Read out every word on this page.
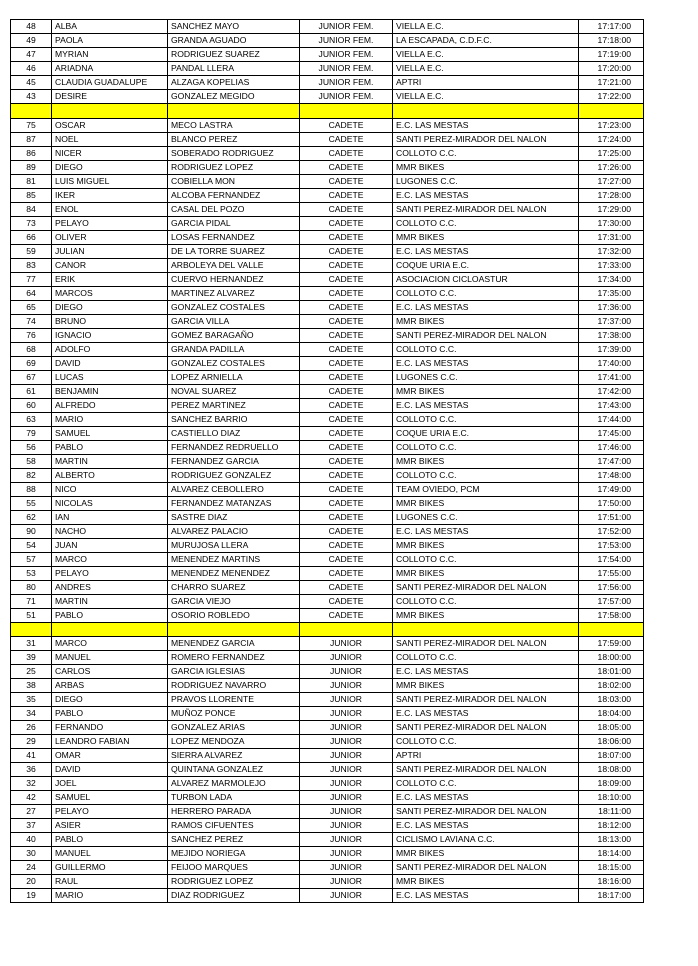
48	ALBA	SANCHEZ MAYO	JUNIOR FEM.	VIELLA E.C.	17:17:00
49	PAOLA	GRANDA AGUADO	JUNIOR FEM.	LA ESCAPADA, C.D.F.C.	17:18:00
47	MYRIAN	RODRIGUEZ SUAREZ	JUNIOR FEM.	VIELLA E.C.	17:19:00
46	ARIADNA	PANDAL LLERA	JUNIOR FEM.	VIELLA E.C.	17:20:00
45	CLAUDIA GUADALUPE	ALZAGA KOPELIAS	JUNIOR FEM.	APTRI	17:21:00
43	DESIRE	GONZALEZ MEGIDO	JUNIOR FEM.	VIELLA E.C.	17:22:00

75	OSCAR	MECO LASTRA	CADETE	E.C. LAS MESTAS	17:23:00
87	NOEL	BLANCO PEREZ	CADETE	SANTI PEREZ-MIRADOR DEL NALON	17:24:00
86	NICER	SOBERADO RODRIGUEZ	CADETE	COLLOTO C.C.	17:25:00
89	DIEGO	RODRIGUEZ LOPEZ	CADETE	MMR BIKES	17:26:00
81	LUIS MIGUEL	COBIELLA MON	CADETE	LUGONES C.C.	17:27:00
85	IKER	ALCOBA FERNANDEZ	CADETE	E.C. LAS MESTAS	17:28:00
84	ENOL	CASAL DEL POZO	CADETE	SANTI PEREZ-MIRADOR DEL NALON	17:29:00
73	PELAYO	GARCIA PIDAL	CADETE	COLLOTO C.C.	17:30:00
66	OLIVER	LOSAS FERNANDEZ	CADETE	MMR BIKES	17:31:00
59	JULIAN	DE LA TORRE SUAREZ	CADETE	E.C. LAS MESTAS	17:32:00
83	CANOR	ARBOLEYA DEL VALLE	CADETE	COQUE URIA E.C.	17:33:00
77	ERIK	CUERVO HERNANDEZ	CADETE	ASOCIACION CICLOASTUR	17:34:00
64	MARCOS	MARTINEZ ALVAREZ	CADETE	COLLOTO C.C.	17:35:00
65	DIEGO	GONZALEZ COSTALES	CADETE	E.C. LAS MESTAS	17:36:00
74	BRUNO	GARCIA VILLA	CADETE	MMR BIKES	17:37:00
76	IGNACIO	GOMEZ BARAGAÑO	CADETE	SANTI PEREZ-MIRADOR DEL NALON	17:38:00
68	ADOLFO	GRANDA PADILLA	CADETE	COLLOTO C.C.	17:39:00
69	DAVID	GONZALEZ COSTALES	CADETE	E.C. LAS MESTAS	17:40:00
67	LUCAS	LOPEZ ARNIELLA	CADETE	LUGONES C.C.	17:41:00
61	BENJAMIN	NOVAL SUAREZ	CADETE	MMR BIKES	17:42:00
60	ALFREDO	PEREZ MARTINEZ	CADETE	E.C. LAS MESTAS	17:43:00
63	MARIO	SANCHEZ BARRIO	CADETE	COLLOTO C.C.	17:44:00
79	SAMUEL	CASTIELLO DIAZ	CADETE	COQUE URIA E.C.	17:45:00
56	PABLO	FERNANDEZ REDRUELLO	CADETE	COLLOTO C.C.	17:46:00
58	MARTIN	FERNANDEZ GARCIA	CADETE	MMR BIKES	17:47:00
82	ALBERTO	RODRIGUEZ GONZALEZ	CADETE	COLLOTO C.C.	17:48:00
88	NICO	ALVAREZ CEBOLLERO	CADETE	TEAM OVIEDO, PCM	17:49:00
55	NICOLAS	FERNANDEZ MATANZAS	CADETE	MMR BIKES	17:50:00
62	IAN	SASTRE DIAZ	CADETE	LUGONES C.C.	17:51:00
90	NACHO	ALVAREZ PALACIO	CADETE	E.C. LAS MESTAS	17:52:00
54	JUAN	MURUJOSA LLERA	CADETE	MMR BIKES	17:53:00
57	MARCO	MENENDEZ MARTINS	CADETE	COLLOTO C.C.	17:54:00
53	PELAYO	MENENDEZ MENENDEZ	CADETE	MMR BIKES	17:55:00
80	ANDRES	CHARRO SUAREZ	CADETE	SANTI PEREZ-MIRADOR DEL NALON	17:56:00
71	MARTIN	GARCIA VIEJO	CADETE	COLLOTO C.C.	17:57:00
51	PABLO	OSORIO ROBLEDO	CADETE	MMR BIKES	17:58:00

31	MARCO	MENENDEZ GARCIA	JUNIOR	SANTI PEREZ-MIRADOR DEL NALON	17:59:00
39	MANUEL	ROMERO FERNANDEZ	JUNIOR	COLLOTO C.C.	18:00:00
25	CARLOS	GARCIA IGLESIAS	JUNIOR	E.C. LAS MESTAS	18:01:00
38	ARBAS	RODRIGUEZ NAVARRO	JUNIOR	MMR BIKES	18:02:00
35	DIEGO	PRAVOS LLORENTE	JUNIOR	SANTI PEREZ-MIRADOR DEL NALON	18:03:00
34	PABLO	MUÑOZ PONCE	JUNIOR	E.C. LAS MESTAS	18:04:00
26	FERNANDO	GONZALEZ ARIAS	JUNIOR	SANTI PEREZ-MIRADOR DEL NALON	18:05:00
29	LEANDRO FABIAN	LOPEZ MENDOZA	JUNIOR	COLLOTO C.C.	18:06:00
41	OMAR	SIERRA ALVAREZ	JUNIOR	APTRI	18:07:00
36	DAVID	QUINTANA GONZALEZ	JUNIOR	SANTI PEREZ-MIRADOR DEL NALON	18:08:00
32	JOEL	ALVAREZ MARMOLEJO	JUNIOR	COLLOTO C.C.	18:09:00
42	SAMUEL	TURBON LADA	JUNIOR	E.C. LAS MESTAS	18:10:00
27	PELAYO	HERRERO PARADA	JUNIOR	SANTI PEREZ-MIRADOR DEL NALON	18:11:00
37	ASIER	RAMOS CIFUENTES	JUNIOR	E.C. LAS MESTAS	18:12:00
40	PABLO	SANCHEZ PEREZ	JUNIOR	CICLISMO LAVIANA C.C.	18:13:00
30	MANUEL	MEJIDO NORIEGA	JUNIOR	MMR BIKES	18:14:00
24	GUILLERMO	FEIJOO MARQUES	JUNIOR	SANTI PEREZ-MIRADOR DEL NALON	18:15:00
20	RAUL	RODRIGUEZ LOPEZ	JUNIOR	MMR BIKES	18:16:00
19	MARIO	DIAZ RODRIGUEZ	JUNIOR	E.C. LAS MESTAS	18:17:00
